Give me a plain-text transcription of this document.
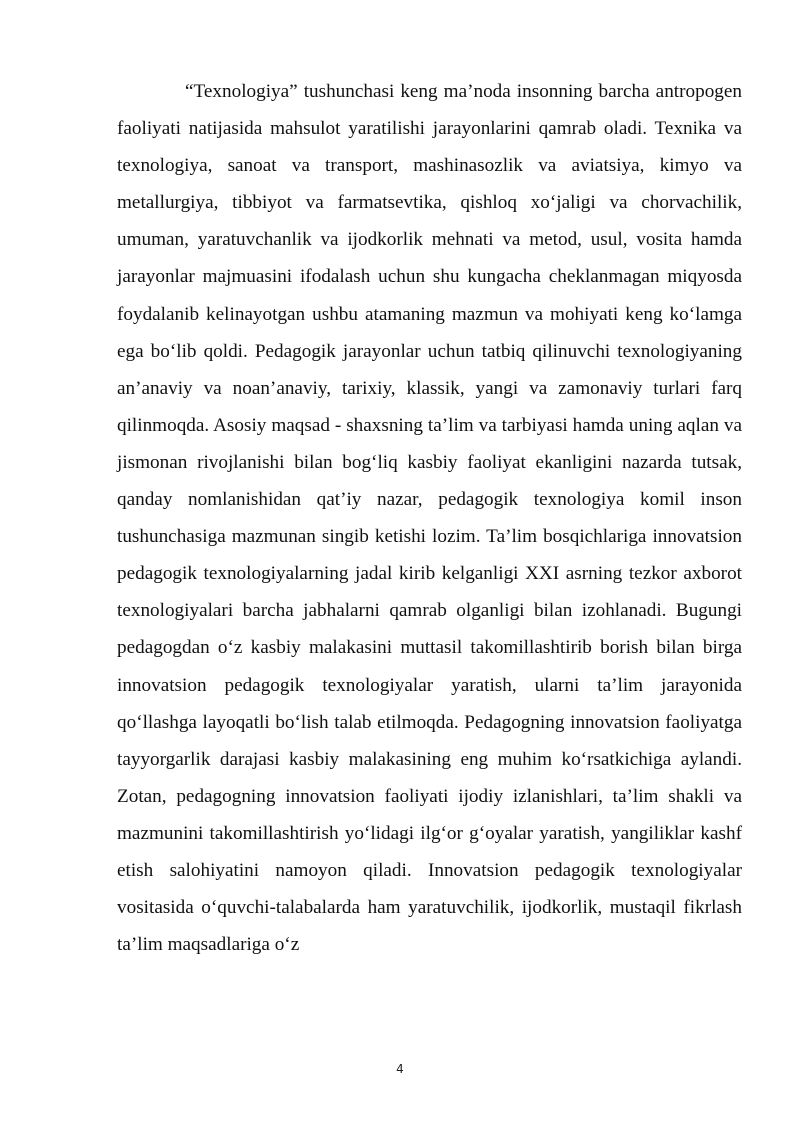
“Texnologiya” tushunchasi keng ma’noda insonning barcha antropogen faoliyati natijasida mahsulot yaratilishi jarayonlarini qamrab oladi. Texnika va texnologiya, sanoat va transport, mashinasozlik va aviatsiya, kimyo va metallurgiya, tibbiyot va farmatsevtika, qishloq xo‘jaligi va chorvachilik, umuman, yaratuvchanlik va ijodkorlik mehnati va metod, usul, vosita hamda jarayonlar majmuasini ifodalash uchun shu kungacha cheklanmagan miqyosda foydalanib kelinayotgan ushbu atamaning mazmun va mohiyati keng ko‘lamga ega bo‘lib qoldi. Pedagogik jarayonlar uchun tatbiq qilinuvchi texnologiyaning an’anaviy va noan’anaviy, tarixiy, klassik, yangi va zamonaviy turlari farq qilinmoqda. Asosiy maqsad - shaxsning ta’lim va tarbiyasi hamda uning aqlan va jismonan rivojlanishi bilan bog‘liq kasbiy faoliyat ekanligini nazarda tutsak, qanday nomlanishidan qat’iy nazar, pedagogik texnologiya komil inson tushunchasiga mazmunan singib ketishi lozim. Ta’lim bosqichlariga innovatsion pedagogik texnologiyalarning jadal kirib kelganligi XXI asrning tezkor axborot texnologiyalari barcha jabhalarni qamrab olganligi bilan izohlanadi. Bugungi pedagogdan o‘z kasbiy malakasini muttasil takomillashtirib borish bilan birga innovatsion pedagogik texnologiyalar yaratish, ularni ta’lim jarayonida qo‘llashga layoqatli bo‘lish talab etilmoqda. Pedagogning innovatsion faoliyatga tayyorgarlik darajasi kasbiy malakasining eng muhim ko‘rsatkichiga aylandi. Zotan, pedagogning innovatsion faoliyati ijodiy izlanishlari, ta’lim shakli va mazmunini takomillashtirish yo‘lidagi ilg‘or g‘oyalar yaratish, yangiliklar kashf etish salohiyatini namoyon qiladi. Innovatsion pedagogik texnologiyalar vositasida o‘quvchi-talabalarda ham yaratuvchilik, ijodkorlik, mustaqil fikrlash ta’lim maqsadlariga o‘z

4
